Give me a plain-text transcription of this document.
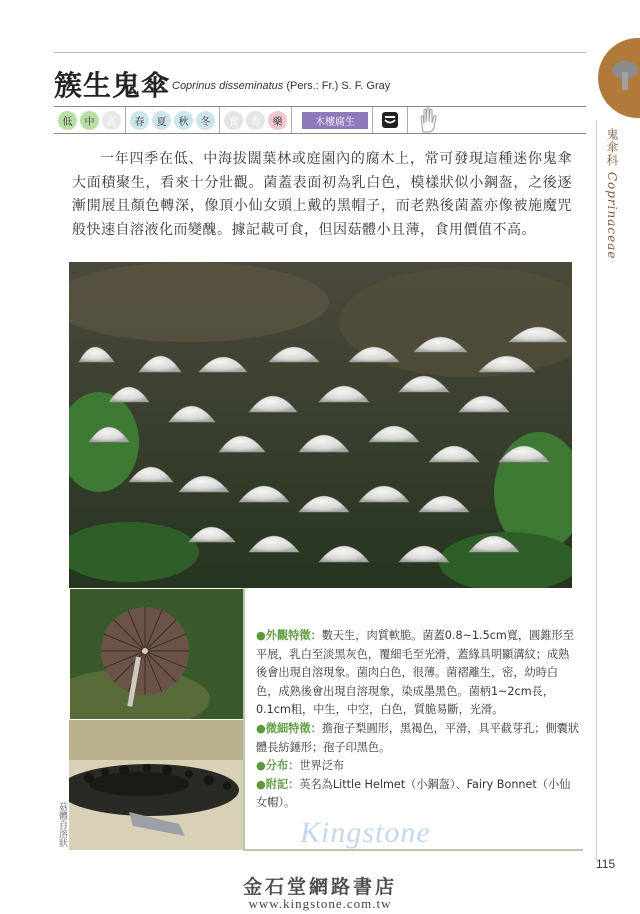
鬼傘科 Coprinaceae
簇生鬼傘 Coprinus disseminatus (Pers.: Fr.) S. F. Gray
低	中	高	春	夏	秋	冬	食	毒	藥	木樓腐生
一年四季在低、中海拔闊葉林或庭園內的腐木上，常可發現這種迷你鬼傘大面積聚生，看來十分壯觀。菌蓋表面初為乳白色，模樣狀似小鋼盔，之後逐漸開展且顏色轉深，像頂小仙女頭上戴的黑帽子，而老熟後菌蓋亦像被施魔咒般快速自溶液化而變醜。據記載可食，但因菇體小且薄，食用價值不高。
菇體自溶狀

●外觀特徵：數天生，肉質軟脆。菌蓋0.8~1.5cm寬，圓錐形至平展，乳白至淡黑灰色，覆細毛至光滑，蓋緣具明顯溝紋；成熟後會出現自溶現象。菌肉白色，很薄。菌褶離生，密，幼時白色，成熟後會出現自溶現象，染成墨黑色。菌柄1~2cm長，0.1cm粗，中生，中空，白色，質脆易斷，光滑。

●微細特徵：擔孢子梨圓形，黑褐色，平滑，具平截芽孔；側囊狀體長紡錘形；孢子印黑色。

●分布：世界泛布

●附記：英名為Little Helmet（小鋼盔）、Fairy Bonnet（小仙女帽）。

Kingstone
115
金石堂網路書店
www.kingstone.com.tw
